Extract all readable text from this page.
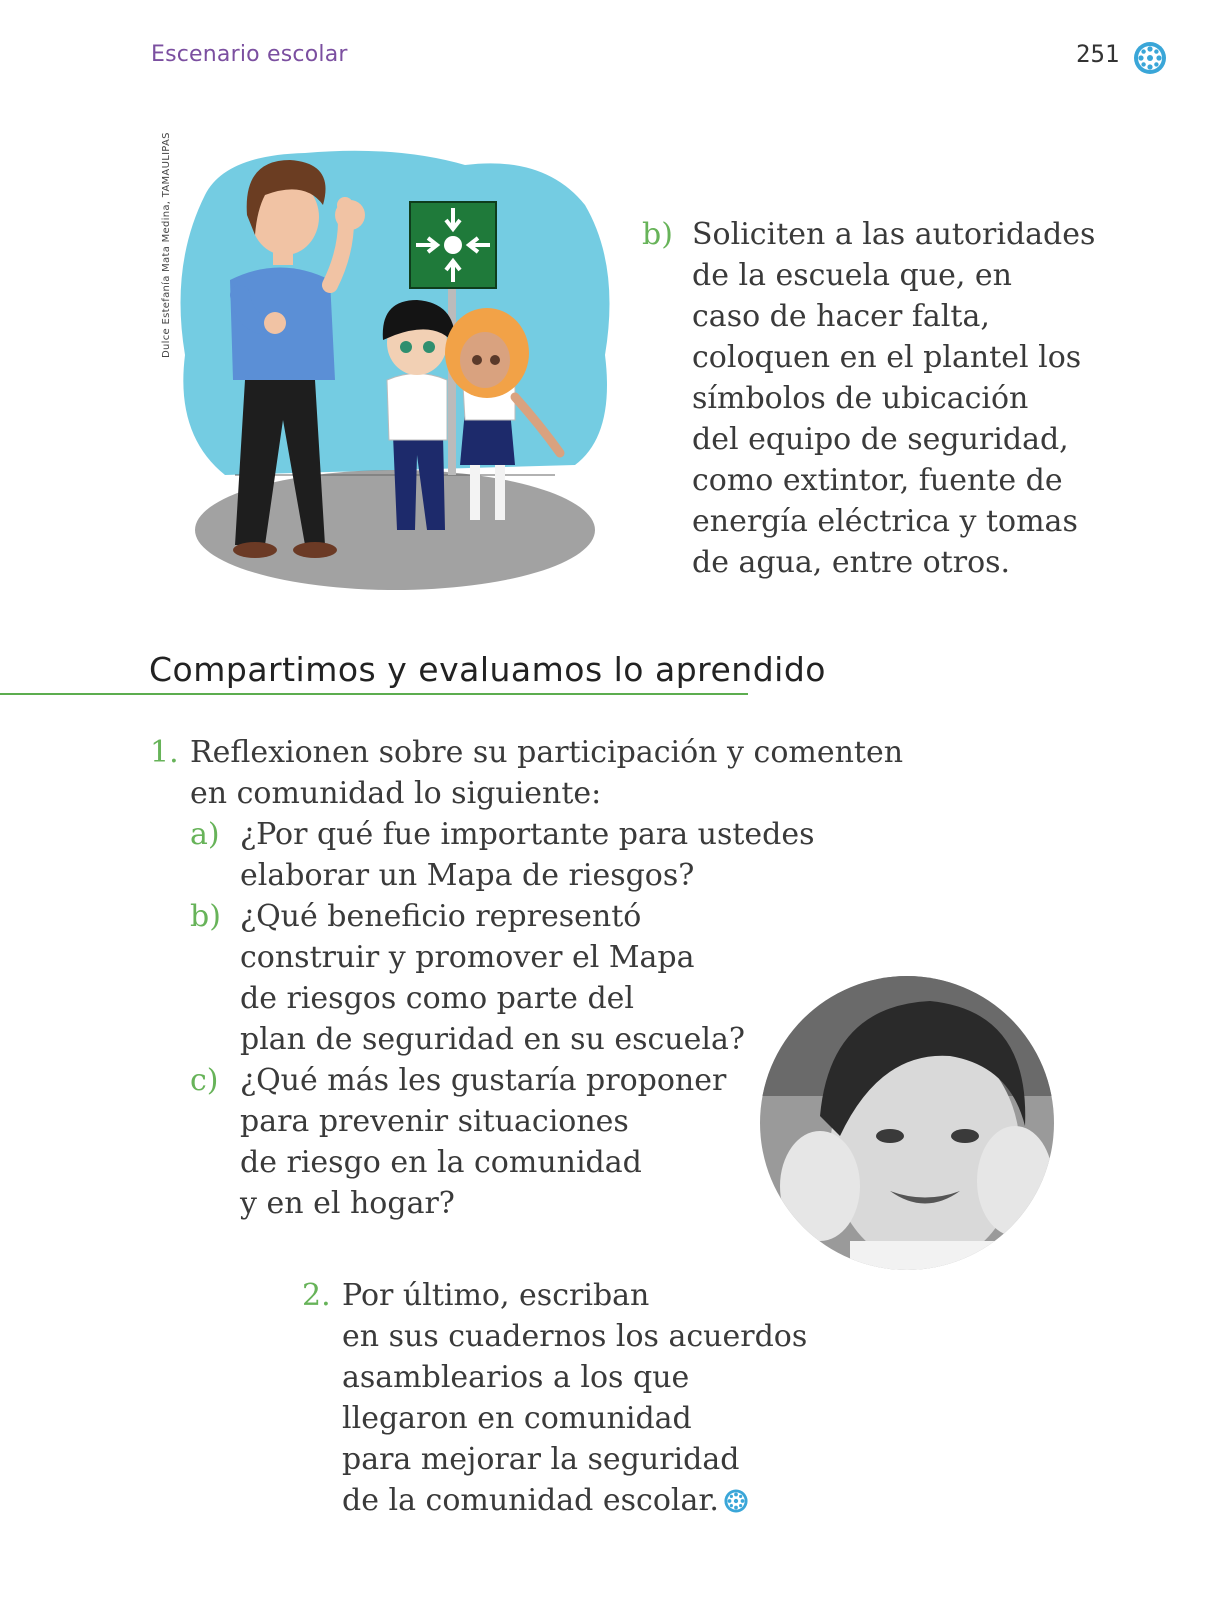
Escenario escolar	251
Dulce Estefanía Mata Medina, TAMAULIPAS	b) Soliciten a las autoridades
de la escuela que, en
caso de hacer falta,
coloquen en el plantel los
símbolos de ubicación
del equipo de seguridad,
como extintor, fuente de
energía eléctrica y tomas
de agua, entre otros.
Compartimos y evaluamos lo aprendido
1. Reflexionen sobre su participación y comenten
en comunidad lo siguiente:
a) ¿Por qué fue importante para ustedes
elaborar un Mapa de riesgos?
b) ¿Qué beneficio representó
construir y promover el Mapa
de riesgos como parte del
plan de seguridad en su escuela?
c) ¿Qué más les gustaría proponer
para prevenir situaciones
de riesgo en la comunidad
y en el hogar?
2. Por último, escriban
en sus cuadernos los acuerdos
asamblearios a los que
llegaron en comunidad
para mejorar la seguridad
de la comunidad escolar.
